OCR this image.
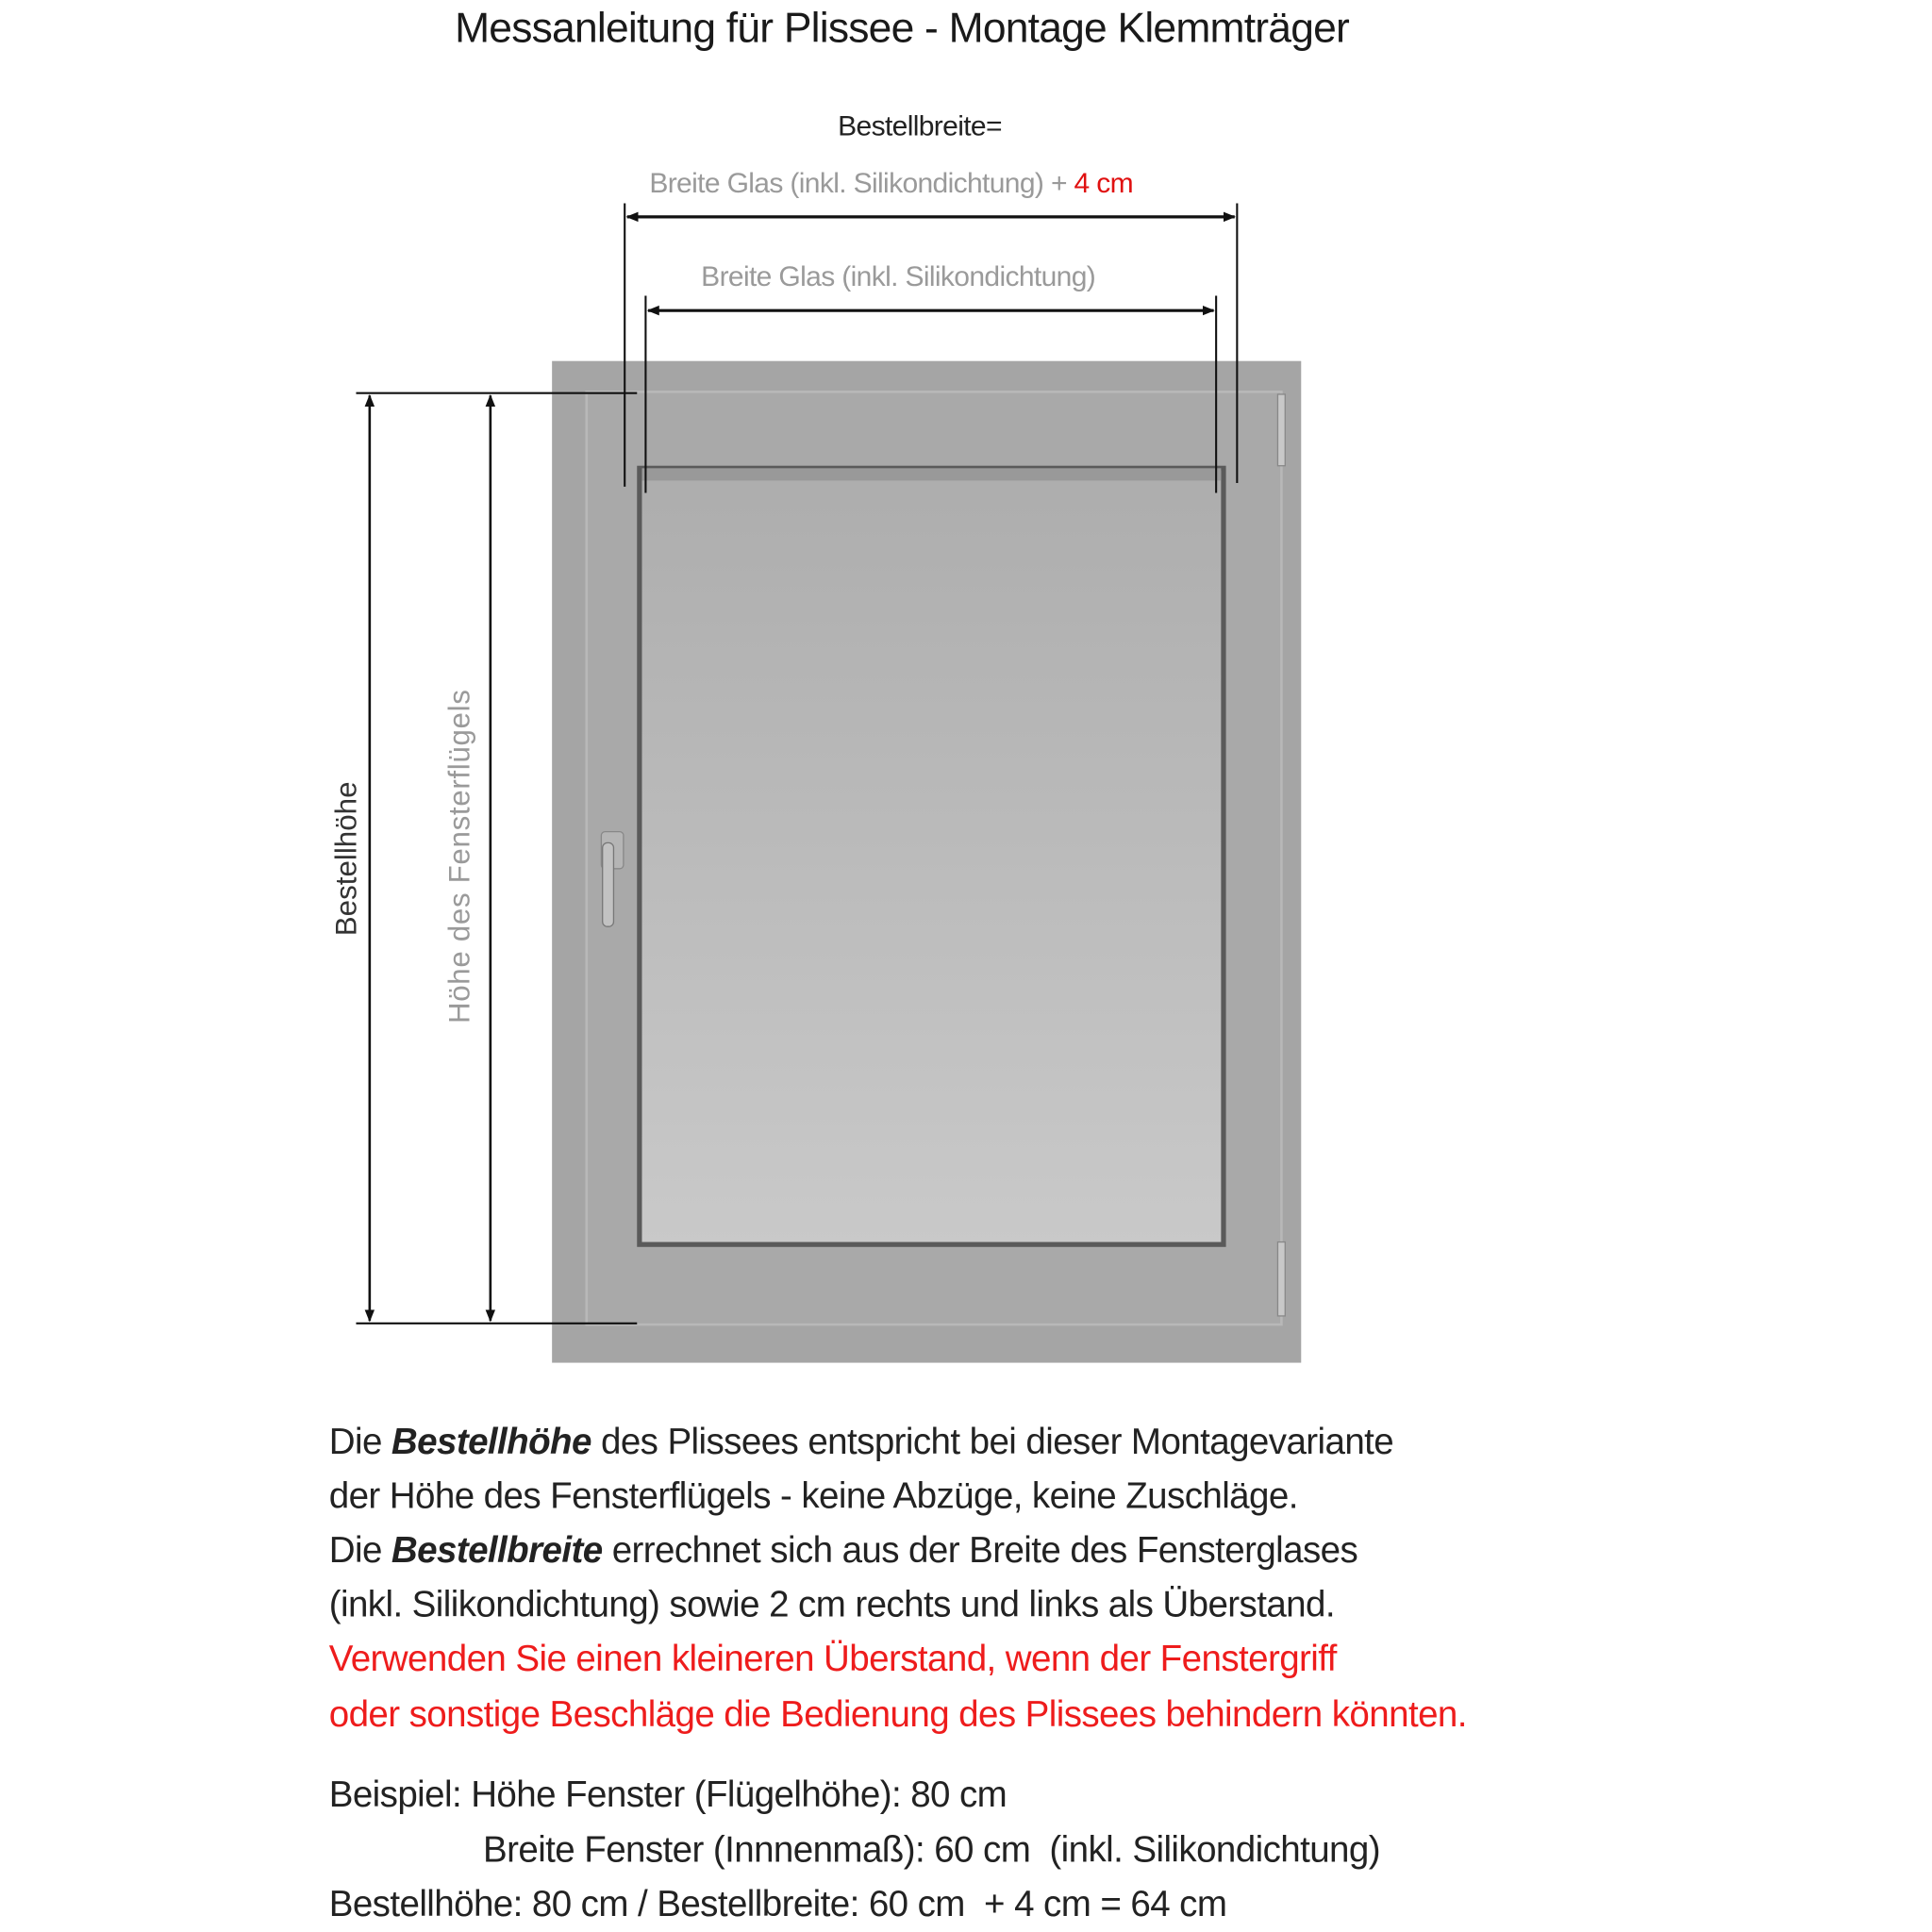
Messanleitung für Plissee - Montage Klemmträger
Bestellhöhe	Höhe des Fensterflügels
Bestellbreite=
Breite Glas (inkl. Silikondichtung) + 4 cm
Breite Glas (inkl. Silikondichtung)
Die Bestellhöhe des Plissees entspricht bei dieser Montagevariante
der Höhe des Fensterflügels - keine Abzüge, keine Zuschläge.
Die Bestellbreite errechnet sich aus der Breite des Fensterglases
(inkl. Silikondichtung) sowie 2 cm rechts und links als Überstand.
Verwenden Sie einen kleineren Überstand, wenn der Fenstergriff
oder sonstige Beschläge die Bedienung des Plissees behindern könnten.
Beispiel: Höhe Fenster (Flügelhöhe): 80 cm
Breite Fenster (Innnenmaß): 60 cm  (inkl. Silikondichtung)
Bestellhöhe: 80 cm / Bestellbreite: 60 cm  + 4 cm = 64 cm
